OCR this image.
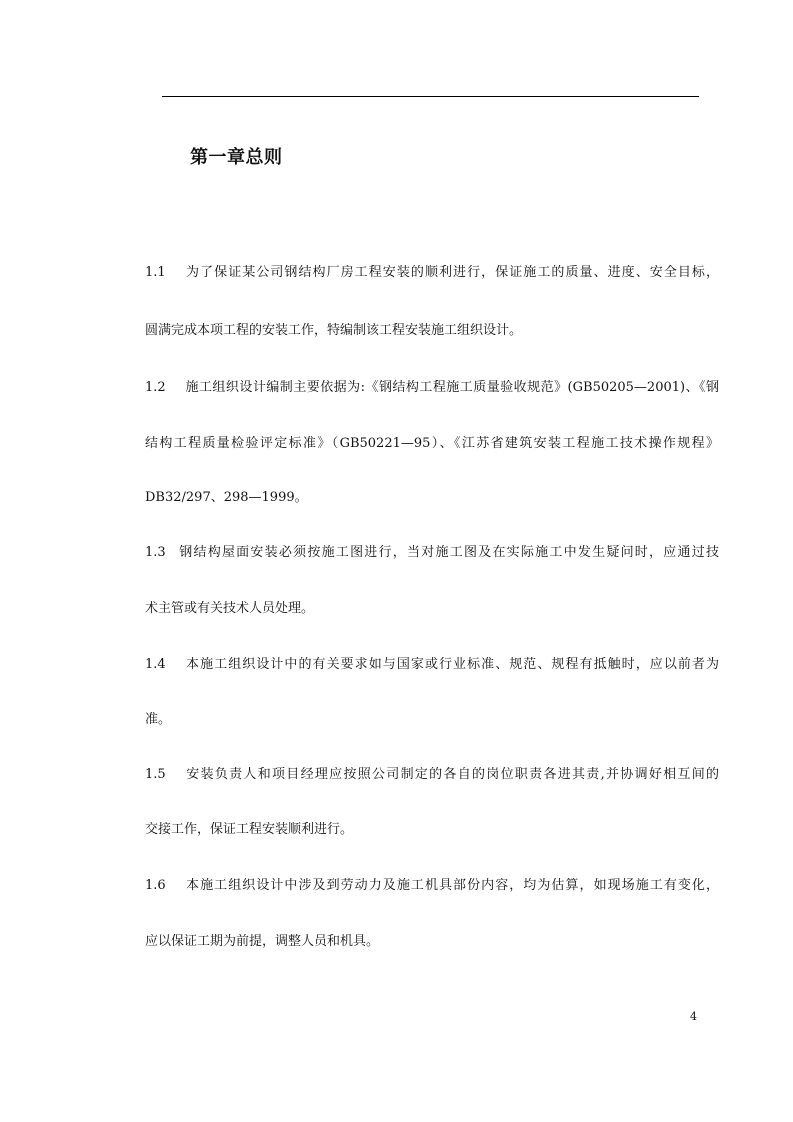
第一章总则
1.1 为了保证某公司钢结构厂房工程安装的顺利进行，保证施工的质量、进度、安全目标，
圆满完成本项工程的安装工作，特编制该工程安装施工组织设计。
1.2 施工组织设计编制主要依据为:《钢结构工程施工质量验收规范》(GB50205—2001)、《钢
结构工程质量检验评定标准》（GB50221—95）、《江苏省建筑安装工程施工技术操作规程》
DB32/297、298—1999。
1.3 钢结构屋面安装必须按施工图进行，当对施工图及在实际施工中发生疑问时，应通过技
术主管或有关技术人员处理。
1.4 本施工组织设计中的有关要求如与国家或行业标准、规范、规程有抵触时，应以前者为
准。
1.5 安装负责人和项目经理应按照公司制定的各自的岗位职责各进其责,并协调好相互间的
交接工作，保证工程安装顺利进行。
1.6 本施工组织设计中涉及到劳动力及施工机具部份内容，均为估算，如现场施工有变化，
应以保证工期为前提，调整人员和机具。
4
